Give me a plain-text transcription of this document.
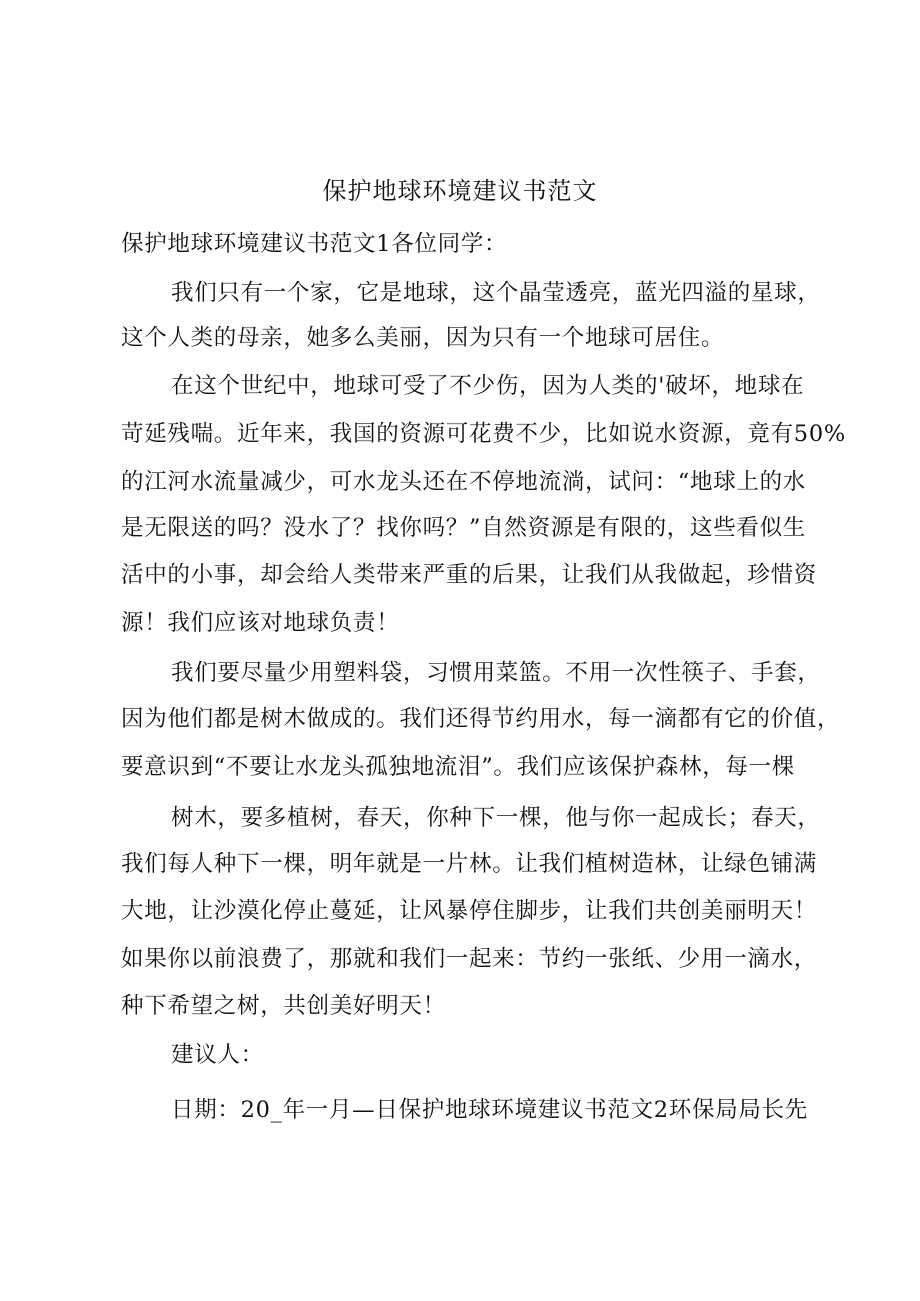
保护地球环境建议书范文
保护地球环境建议书范文1各位同学：
我们只有一个家，它是地球，这个晶莹透亮，蓝光四溢的星球，
这个人类的母亲，她多么美丽，因为只有一个地球可居住。
在这个世纪中，地球可受了不少伤，因为人类的'破坏，地球在
苛延残喘。近年来，我国的资源可花费不少，比如说水资源，竟有50%
的江河水流量减少，可水龙头还在不停地流淌，试问：“地球上的水
是无限送的吗？没水了？找你吗？”自然资源是有限的，这些看似生
活中的小事，却会给人类带来严重的后果，让我们从我做起，珍惜资
源！我们应该对地球负责！
我们要尽量少用塑料袋，习惯用菜篮。不用一次性筷子、手套，
因为他们都是树木做成的。我们还得节约用水，每一滴都有它的价值，
要意识到“不要让水龙头孤独地流泪”。我们应该保护森林，每一棵
树木，要多植树，春天，你种下一棵，他与你一起成长；春天，
我们每人种下一棵，明年就是一片林。让我们植树造林，让绿色铺满
大地，让沙漠化停止蔓延，让风暴停住脚步，让我们共创美丽明天！
如果你以前浪费了，那就和我们一起来：节约一张纸、少用一滴水，
种下希望之树，共创美好明天！
建议人：
日期：20_年一月—日保护地球环境建议书范文2环保局局长先
